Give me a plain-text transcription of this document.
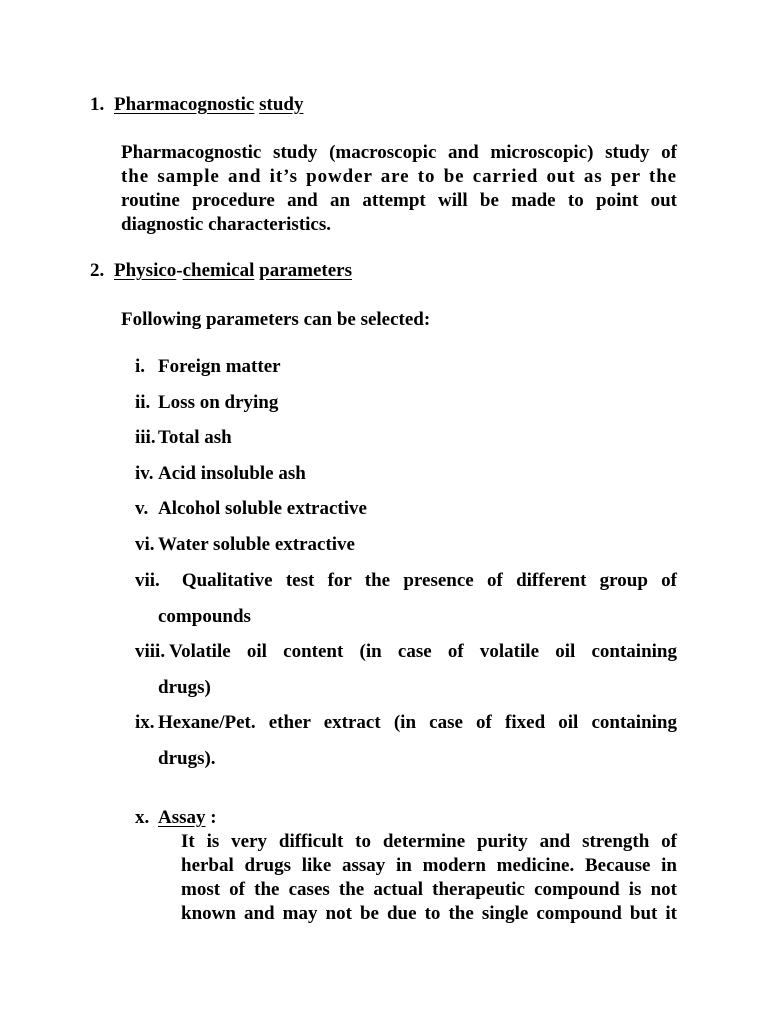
1. Pharmacognostic study

Pharmacognostic study (macroscopic and microscopic) study of

the sample and it’s powder are to be carried out as per the

routine procedure and an attempt will be made to point out

diagnostic characteristics.

2. Physico-chemical parameters
Following parameters can be selected:
i. Foreign matter
ii. Loss on drying
iii. Total ash
iv. Acid insoluble ash
v. Alcohol soluble extractive
vi. Water soluble extractive
vii. Qualitative test for the presence of different group of
compounds
viii. Volatile oil content (in case of volatile oil containing
drugs)
ix. Hexane/Pet. ether extract (in case of fixed oil containing
drugs).
x. Assay :
It is very difficult to determine purity and strength of
herbal drugs like assay in modern medicine. Because in
most of the cases the actual therapeutic compound is not
known and may not be due to the single compound but it
